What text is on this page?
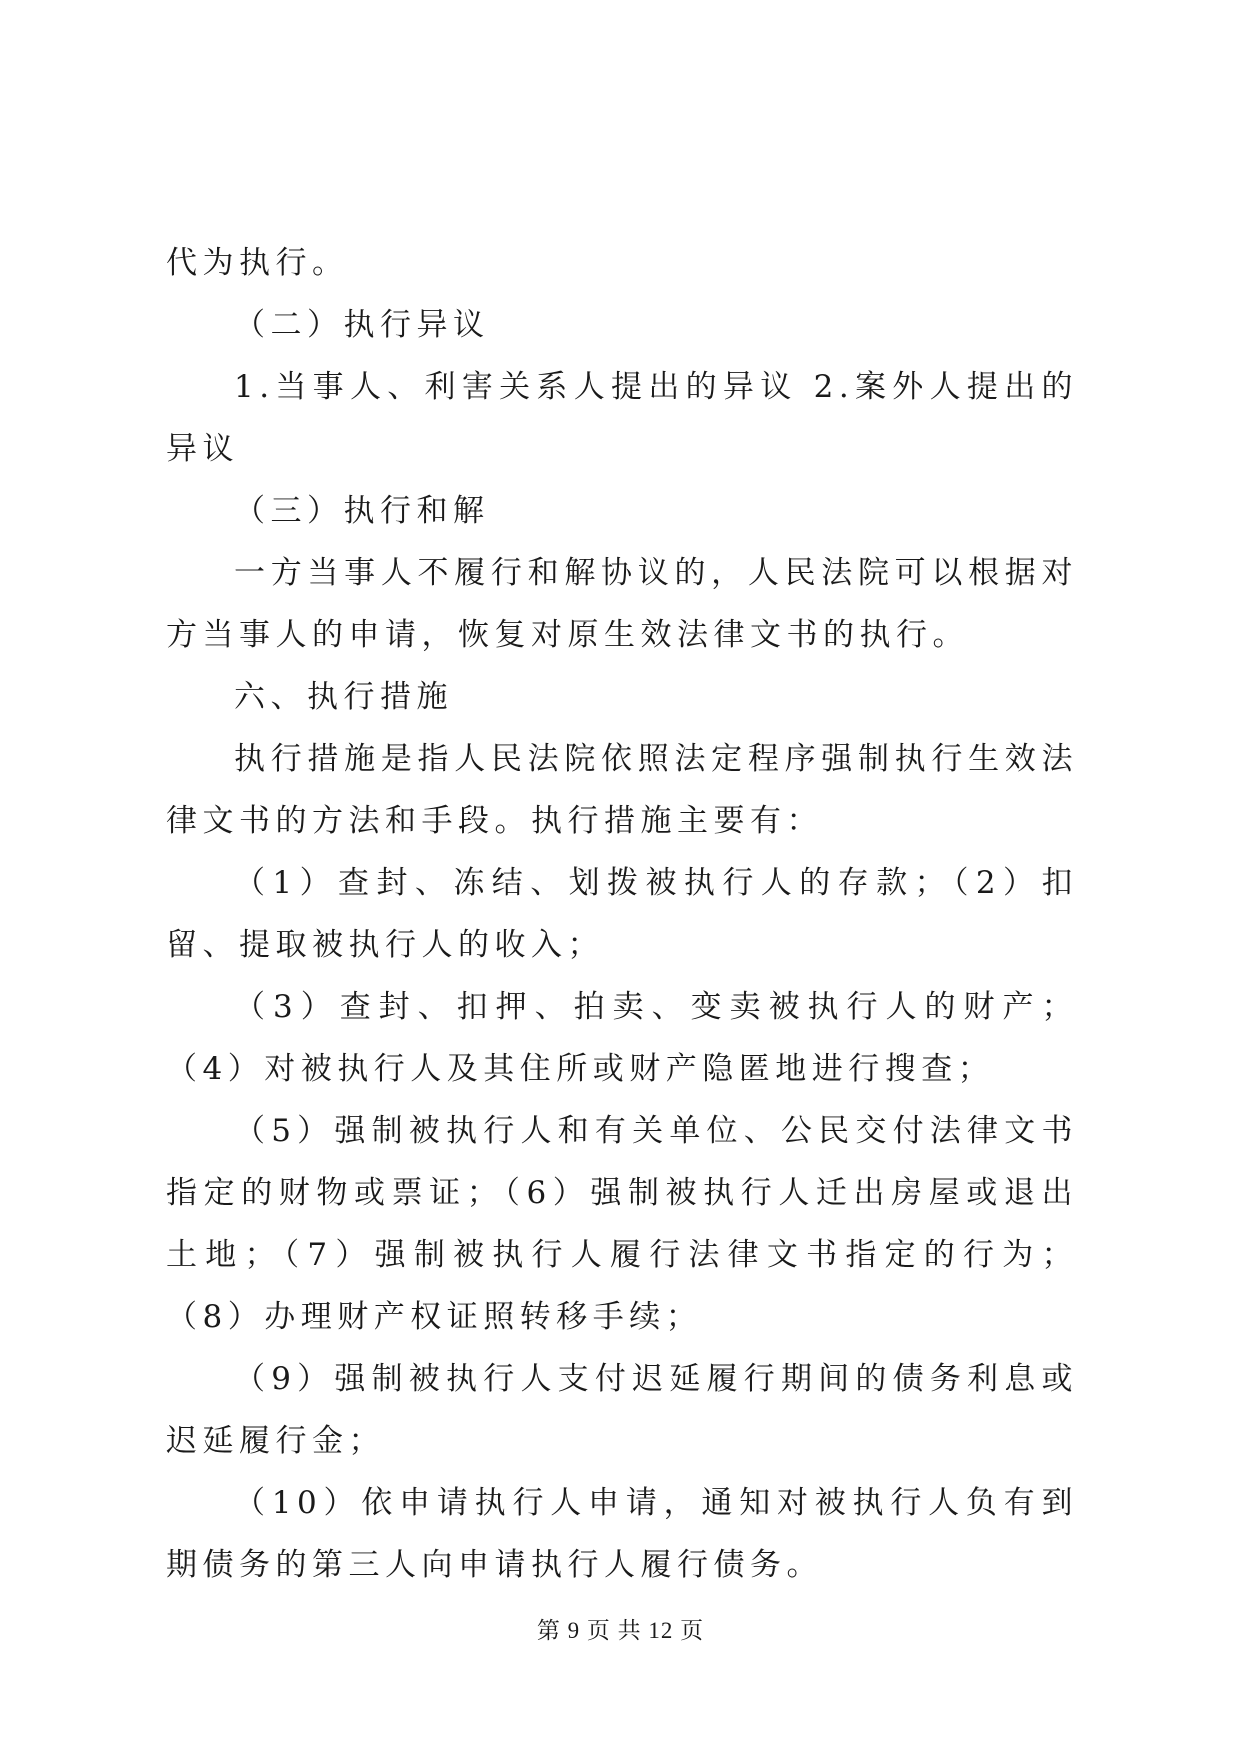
代为执行。

（二）执行异议

1.当事人、利害关系人提出的异议 2.案外人提出的异议

（三）执行和解

一方当事人不履行和解协议的，人民法院可以根据对方当事人的申请，恢复对原生效法律文书的执行。

六、执行措施

执行措施是指人民法院依照法定程序强制执行生效法律文书的方法和手段。执行措施主要有：

（1）查封、冻结、划拨被执行人的存款；（2）扣留、提取被执行人的收入；

（3）查封、扣押、拍卖、变卖被执行人的财产；（4）对被执行人及其住所或财产隐匿地进行搜查；

（5）强制被执行人和有关单位、公民交付法律文书指定的财物或票证；（6）强制被执行人迁出房屋或退出土地；（7）强制被执行人履行法律文书指定的行为；（8）办理财产权证照转移手续；

（9）强制被执行人支付迟延履行期间的债务利息或迟延履行金；

（10）依申请执行人申请，通知对被执行人负有到期债务的第三人向申请执行人履行债务。

第 9 页 共 12 页
